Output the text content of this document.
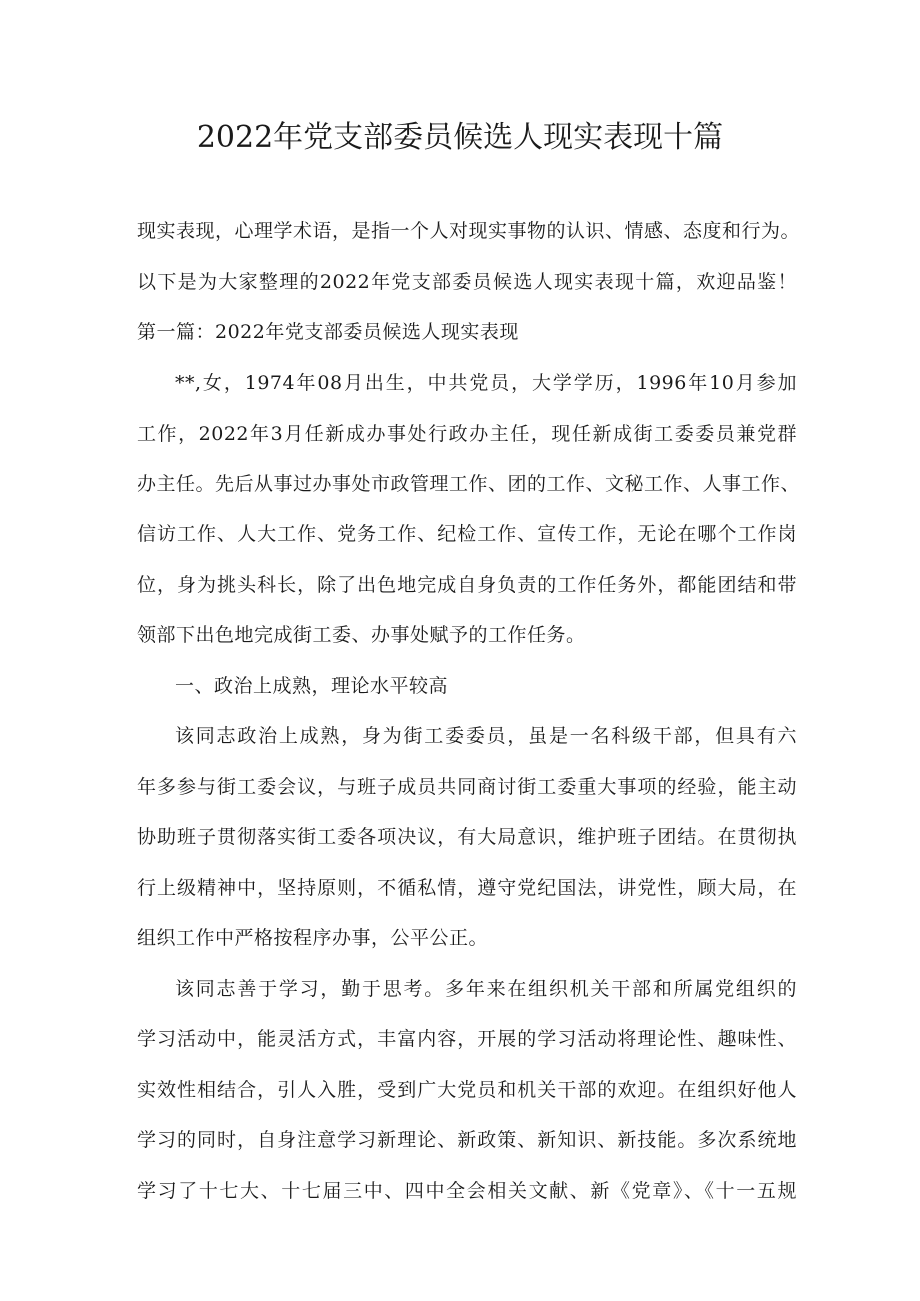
2022年党支部委员候选人现实表现十篇
现实表现，心理学术语，是指一个人对现实事物的认识、情感、态度和行为。
以下是为大家整理的2022年党支部委员候选人现实表现十篇，欢迎品鉴！
第一篇：2022年党支部委员候选人现实表现
**,女，1974年08月出生，中共党员，大学学历，1996年10月参加
工作，2022年3月任新成办事处行政办主任，现任新成街工委委员兼党群
办主任。先后从事过办事处市政管理工作、团的工作、文秘工作、人事工作、
信访工作、人大工作、党务工作、纪检工作、宣传工作，无论在哪个工作岗
位，身为挑头科长，除了出色地完成自身负责的工作任务外，都能团结和带
领部下出色地完成街工委、办事处赋予的工作任务。
一、政治上成熟，理论水平较高
该同志政治上成熟，身为街工委委员，虽是一名科级干部，但具有六
年多参与街工委会议，与班子成员共同商讨街工委重大事项的经验，能主动
协助班子贯彻落实街工委各项决议，有大局意识，维护班子团结。在贯彻执
行上级精神中，坚持原则，不循私情，遵守党纪国法，讲党性，顾大局，在
组织工作中严格按程序办事，公平公正。
该同志善于学习，勤于思考。多年来在组织机关干部和所属党组织的
学习活动中，能灵活方式，丰富内容，开展的学习活动将理论性、趣味性、
实效性相结合，引人入胜，受到广大党员和机关干部的欢迎。在组织好他人
学习的同时，自身注意学习新理论、新政策、新知识、新技能。多次系统地
学习了十七大、十七届三中、四中全会相关文献、新《党章》、《十一五规
